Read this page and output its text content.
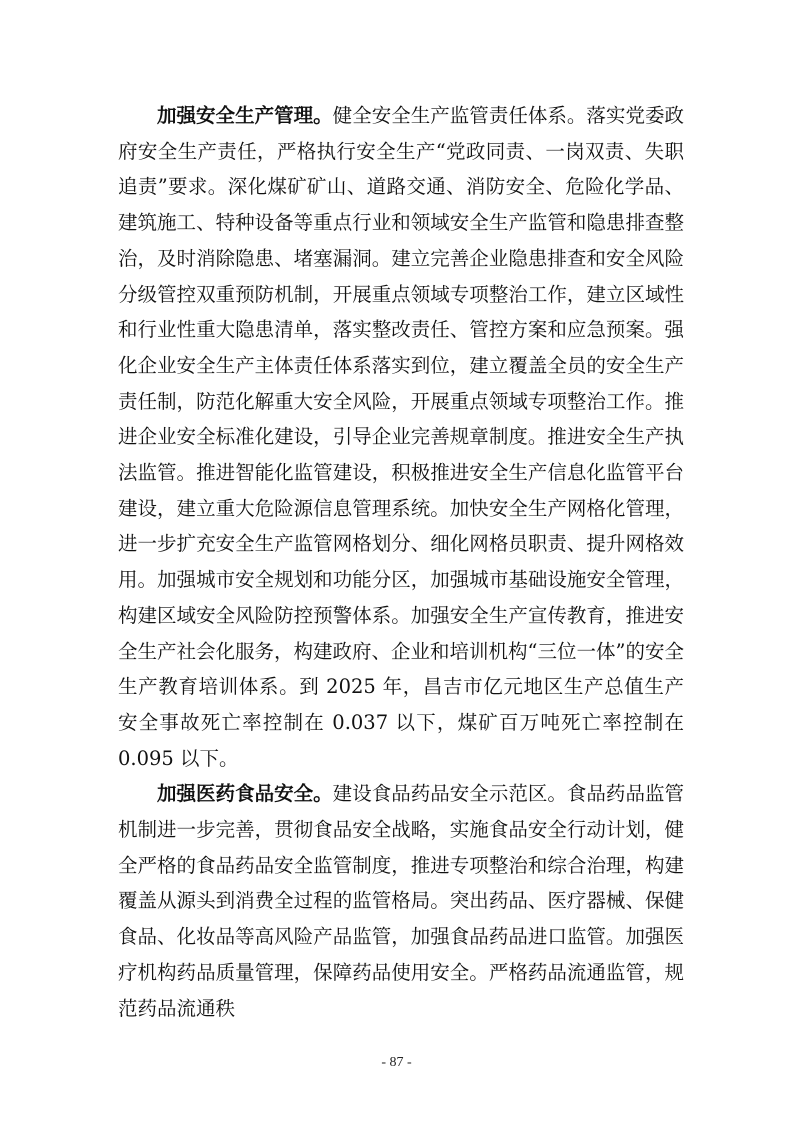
加强安全生产管理。健全安全生产监管责任体系。落实党委政府安全生产责任，严格执行安全生产“党政同责、一岗双责、失职追责”要求。深化煤矿矿山、道路交通、消防安全、危险化学品、建筑施工、特种设备等重点行业和领域安全生产监管和隐患排查整治，及时消除隐患、堵塞漏洞。建立完善企业隐患排查和安全风险分级管控双重预防机制，开展重点领域专项整治工作，建立区域性和行业性重大隐患清单，落实整改责任、管控方案和应急预案。强化企业安全生产主体责任体系落实到位，建立覆盖全员的安全生产责任制，防范化解重大安全风险，开展重点领域专项整治工作。推进企业安全标准化建设，引导企业完善规章制度。推进安全生产执法监管。推进智能化监管建设，积极推进安全生产信息化监管平台建设，建立重大危险源信息管理系统。加快安全生产网格化管理，进一步扩充安全生产监管网格划分、细化网格员职责、提升网格效用。加强城市安全规划和功能分区，加强城市基础设施安全管理，构建区域安全风险防控预警体系。加强安全生产宣传教育，推进安全生产社会化服务，构建政府、企业和培训机构“三位一体”的安全生产教育培训体系。到 2025 年，昌吉市亿元地区生产总值生产安全事故死亡率控制在 0.037 以下，煤矿百万吨死亡率控制在 0.095 以下。

加强医药食品安全。建设食品药品安全示范区。食品药品监管机制进一步完善，贯彻食品安全战略，实施食品安全行动计划，健全严格的食品药品安全监管制度，推进专项整治和综合治理，构建覆盖从源头到消费全过程的监管格局。突出药品、医疗器械、保健食品、化妆品等高风险产品监管，加强食品药品进口监管。加强医疗机构药品质量管理，保障药品使用安全。严格药品流通监管，规范药品流通秩

- 87 -
